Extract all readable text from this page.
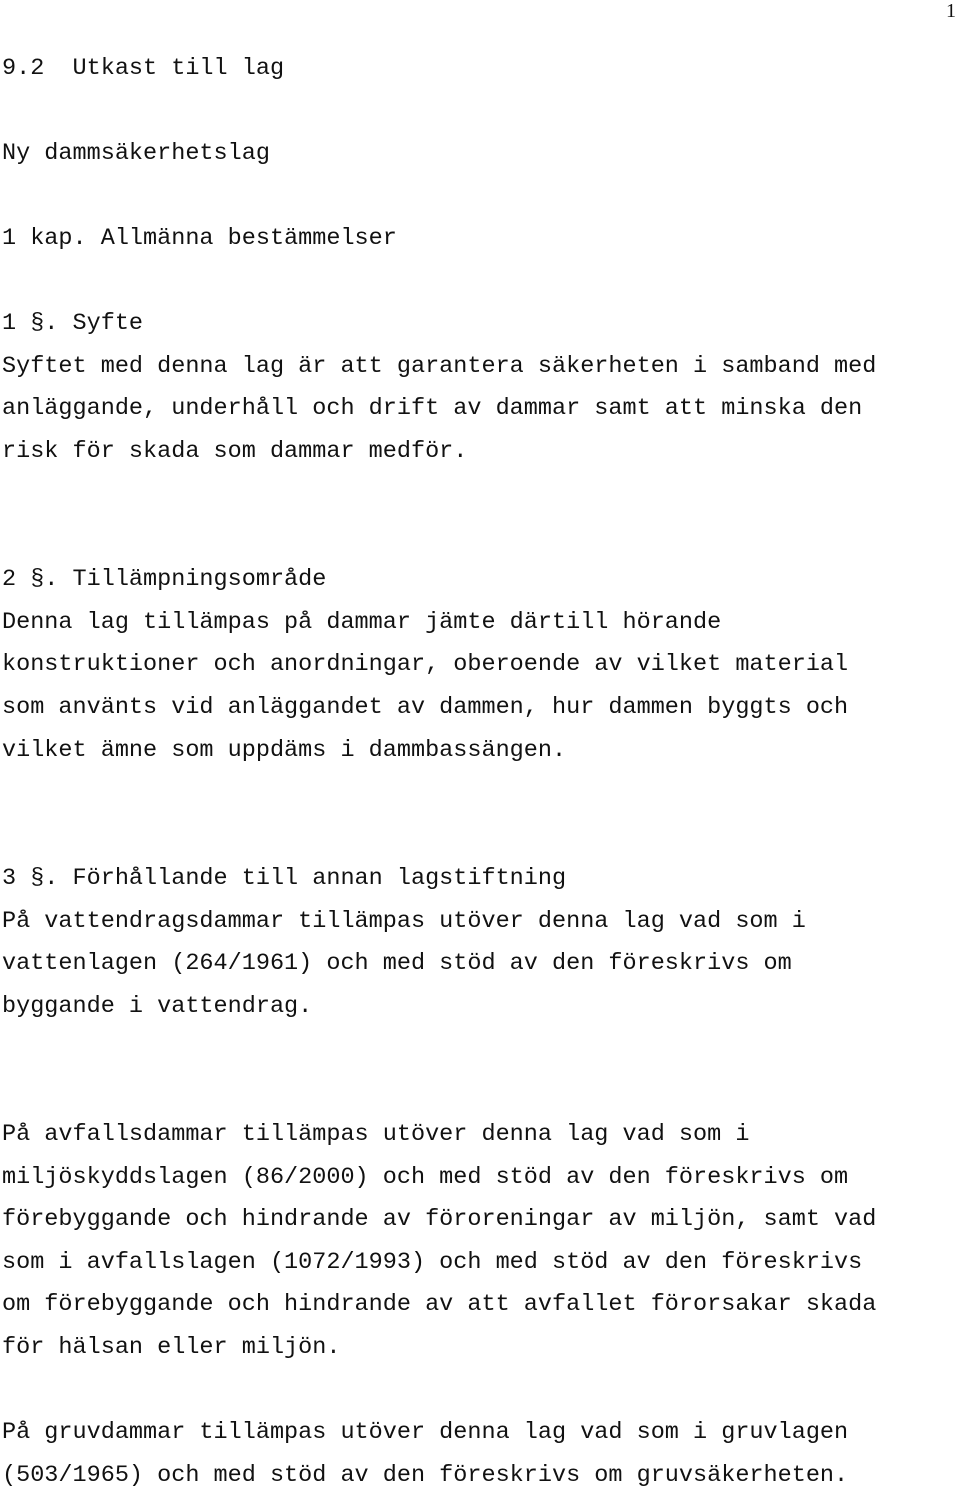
1
9.2  Utkast till lag
Ny dammsäkerhetslag
1 kap. Allmänna bestämmelser
1 §. Syfte
Syftet med denna lag är att garantera säkerheten i samband med
anläggande, underhåll och drift av dammar samt att minska den
risk för skada som dammar medför.
2 §. Tillämpningsområde
Denna lag tillämpas på dammar jämte därtill hörande
konstruktioner och anordningar, oberoende av vilket material
som använts vid anläggandet av dammen, hur dammen byggts och
vilket ämne som uppdäms i dammbassängen.
3 §. Förhållande till annan lagstiftning
På vattendragsdammar tillämpas utöver denna lag vad som i
vattenlagen (264/1961) och med stöd av den föreskrivs om
byggande i vattendrag.
På avfallsdammar tillämpas utöver denna lag vad som i
miljöskyddslagen (86/2000) och med stöd av den föreskrivs om
förebyggande och hindrande av föroreningar av miljön, samt vad
som i avfallslagen (1072/1993) och med stöd av den föreskrivs
om förebyggande och hindrande av att avfallet förorsakar skada
för hälsan eller miljön.
På gruvdammar tillämpas utöver denna lag vad som i gruvlagen
(503/1965) och med stöd av den föreskrivs om gruvsäkerheten.
